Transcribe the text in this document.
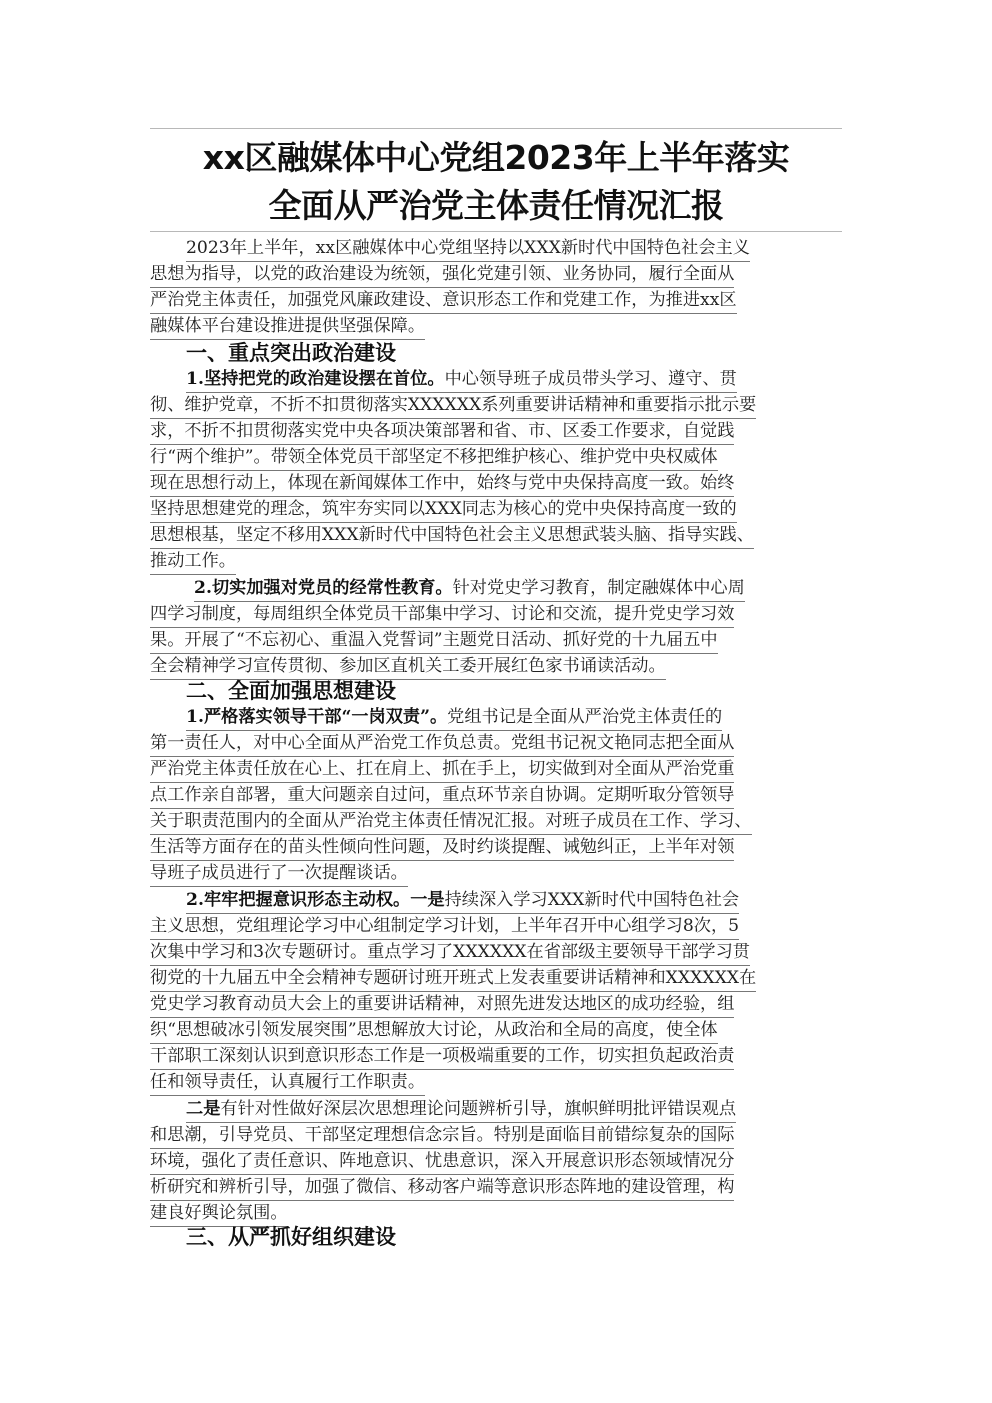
xx区融媒体中心党组2023年上半年落实
全面从严治党主体责任情况汇报
2023年上半年，xx区融媒体中心党组坚持以XXX新时代中国特色社会主义
思想为指导，以党的政治建设为统领，强化党建引领、业务协同，履行全面从
严治党主体责任，加强党风廉政建设、意识形态工作和党建工作，为推进xx区
融媒体平台建设推进提供坚强保障。
一、重点突出政治建设
1.坚持把党的政治建设摆在首位。中心领导班子成员带头学习、遵守、贯
彻、维护党章，不折不扣贯彻落实XXXXXX系列重要讲话精神和重要指示批示要
求，不折不扣贯彻落实党中央各项决策部署和省、市、区委工作要求，自觉践
行“两个维护”。带领全体党员干部坚定不移把维护核心、维护党中央权威体
现在思想行动上，体现在新闻媒体工作中，始终与党中央保持高度一致。始终
坚持思想建党的理念，筑牢夯实同以XXX同志为核心的党中央保持高度一致的
思想根基，坚定不移用XXX新时代中国特色社会主义思想武装头脑、指导实践、
推动工作。
2.切实加强对党员的经常性教育。针对党史学习教育，制定融媒体中心周
四学习制度，每周组织全体党员干部集中学习、讨论和交流，提升党史学习效
果。开展了“不忘初心、重温入党誓词”主题党日活动、抓好党的十九届五中
全会精神学习宣传贯彻、参加区直机关工委开展红色家书诵读活动。
二、全面加强思想建设
1.严格落实领导干部“一岗双责”。党组书记是全面从严治党主体责任的
第一责任人，对中心全面从严治党工作负总责。党组书记祝文艳同志把全面从
严治党主体责任放在心上、扛在肩上、抓在手上，切实做到对全面从严治党重
点工作亲自部署，重大问题亲自过问，重点环节亲自协调。定期听取分管领导
关于职责范围内的全面从严治党主体责任情况汇报。对班子成员在工作、学习、
生活等方面存在的苗头性倾向性问题，及时约谈提醒、诫勉纠正，上半年对领
导班子成员进行了一次提醒谈话。
2.牢牢把握意识形态主动权。一是持续深入学习XXX新时代中国特色社会
主义思想，党组理论学习中心组制定学习计划，上半年召开中心组学习8次，5
次集中学习和3次专题研讨。重点学习了XXXXXX在省部级主要领导干部学习贯
彻党的十九届五中全会精神专题研讨班开班式上发表重要讲话精神和XXXXXX在
党史学习教育动员大会上的重要讲话精神，对照先进发达地区的成功经验，组
织“思想破冰引领发展突围”思想解放大讨论，从政治和全局的高度，使全体
干部职工深刻认识到意识形态工作是一项极端重要的工作，切实担负起政治责
任和领导责任，认真履行工作职责。
二是有针对性做好深层次思想理论问题辨析引导，旗帜鲜明批评错误观点
和思潮，引导党员、干部坚定理想信念宗旨。特别是面临目前错综复杂的国际
环境，强化了责任意识、阵地意识、忧患意识，深入开展意识形态领域情况分
析研究和辨析引导，加强了微信、移动客户端等意识形态阵地的建设管理，构
建良好舆论氛围。
三、从严抓好组织建设
